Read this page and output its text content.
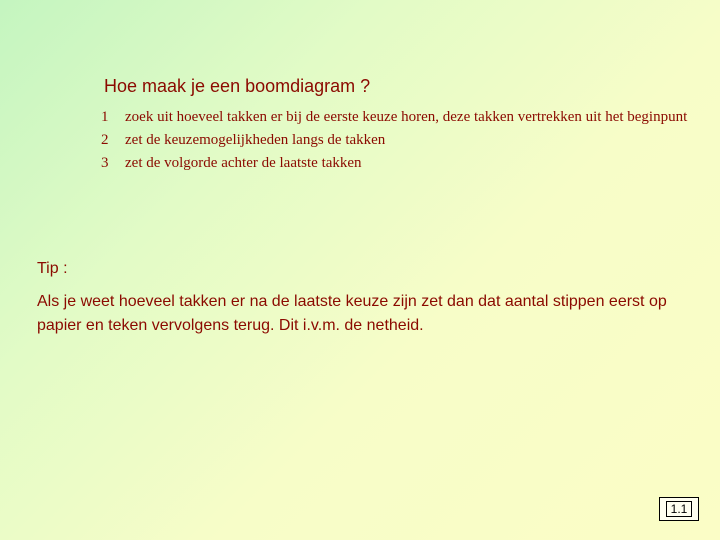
Hoe maak je een boomdiagram ?
1	zoek uit hoeveel takken er bij de eerste keuze horen, deze takken vertrekken uit het beginpunt
2	zet de keuzemogelijkheden langs de takken
3	zet de volgorde achter de laatste takken
Tip :
Als je weet hoeveel takken er na de laatste keuze zijn zet dan dat aantal stippen eerst op papier en teken vervolgens terug. Dit i.v.m. de netheid.
1.1
